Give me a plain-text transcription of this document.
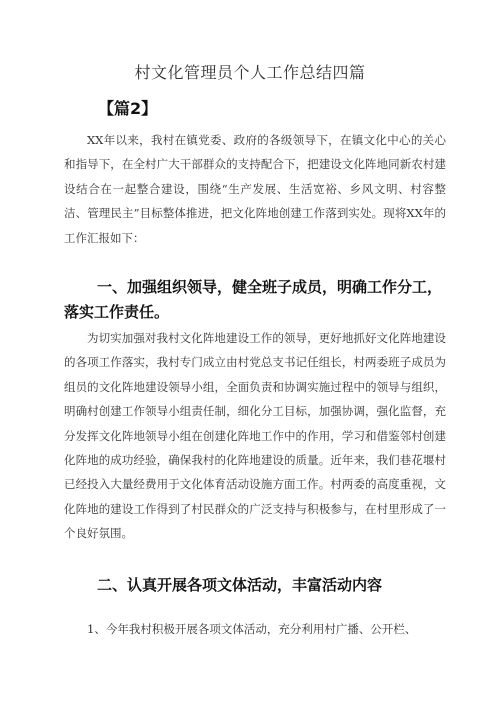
村文化管理员个人工作总结四篇
【篇2】

XX年以来，我村在镇党委、政府的各级领导下，在镇文化中心的关心和指导下，在全村广大干部群众的支持配合下，把建设文化阵地同新农村建设结合在一起整合建设，围绕“生产发展、生活宽裕、乡风文明、村容整洁、管理民主”目标整体推进，把文化阵地创建工作落到实处。现将XX年的工作汇报如下：

一、加强组织领导，健全班子成员，明确工作分工，落实工作责任。

为切实加强对我村文化阵地建设工作的领导，更好地抓好文化阵地建设的各项工作落实，我村专门成立由村党总支书记任组长，村两委班子成员为组员的文化阵地建设领导小组，全面负责和协调实施过程中的领导与组织，明确村创建工作领导小组责任制，细化分工目标，加强协调，强化监督，充分发挥文化阵地领导小组在创建化阵地工作中的作用，学习和借鉴邻村创建化阵地的成功经验，确保我村的化阵地建设的质量。近年来，我们巷花堰村已经投入大量经费用于文化体育活动设施方面工作。村两委的高度重视，文化阵地的建设工作得到了村民群众的广泛支持与积极参与，在村里形成了一个良好氛围。

二、认真开展各项文体活动，丰富活动内容

1、今年我村积极开展各项文体活动，充分利用村广播、公开栏、
